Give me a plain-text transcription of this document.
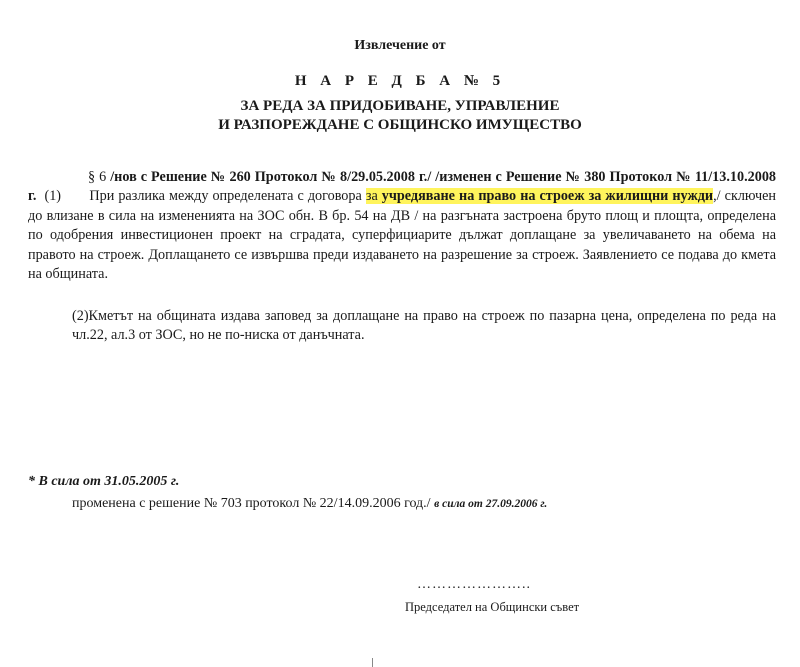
Извлечение от
Н А Р Е Д Б А № 5
ЗА РЕДА ЗА ПРИДОБИВАНЕ, УПРАВЛЕНИЕ
И РАЗПОРЕЖДАНЕ С ОБЩИНСКО ИМУЩЕСТВО
§ 6 /нов с Решение № 260 Протокол № 8/29.05.2008 г./ /изменен с Решение № 380 Протокол № 11/13.10.2008 г. (1) При разлика между определената с договора за учредяване на право на строеж за жилищни нужди,/ сключен до влизане в сила на измененията на ЗОС обн. В бр. 54 на ДВ / на разгъната застроена бруто площ и площта, определена по одобрения инвестиционен проект на сградата, суперфициарите дължат доплащане за увеличаването на обема на правото на строеж. Доплащането се извършва преди издаването на разрешение за строеж. Заявлението се подава до кмета на общината.
(2)Кметът на общината издава заповед за доплащане на право на строеж по пазарна цена, определена по реда на чл.22, ал.3 от ЗОС, но не по-ниска от данъчната.
* В сила от 31.05.2005 г.
променена с решение № 703 протокол № 22/14.09.2006 год./ в сила от 27.09.2006 г.
…………………..
Председател на Общински съвет
